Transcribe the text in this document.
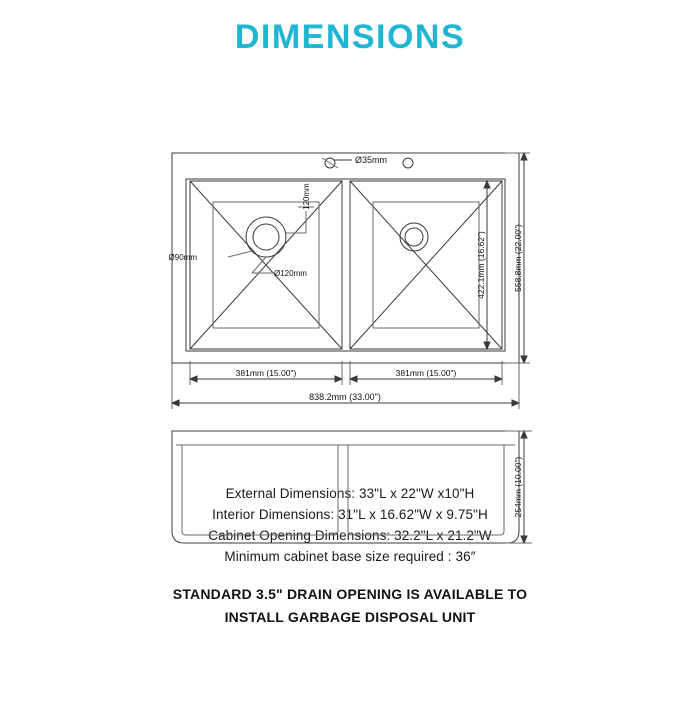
DIMENSIONS
Ø35mm
Ø90mm
Ø120mm
120mm
381mm (15.00")	381mm (15.00")
838.2mm (33.00")
422.1mm (16.62")	558.8mm (22.00")
254mm (10.00")
External Dimensions: 33"L x 22"W x10"H
Interior Dimensions: 31"L x 16.62"W x 9.75"H
Cabinet Opening Dimensions: 32.2"L x 21.2"W
Minimum cabinet base size required : 36″
STANDARD 3.5" DRAIN OPENING IS AVAILABLE TO
INSTALL GARBAGE DISPOSAL UNIT
